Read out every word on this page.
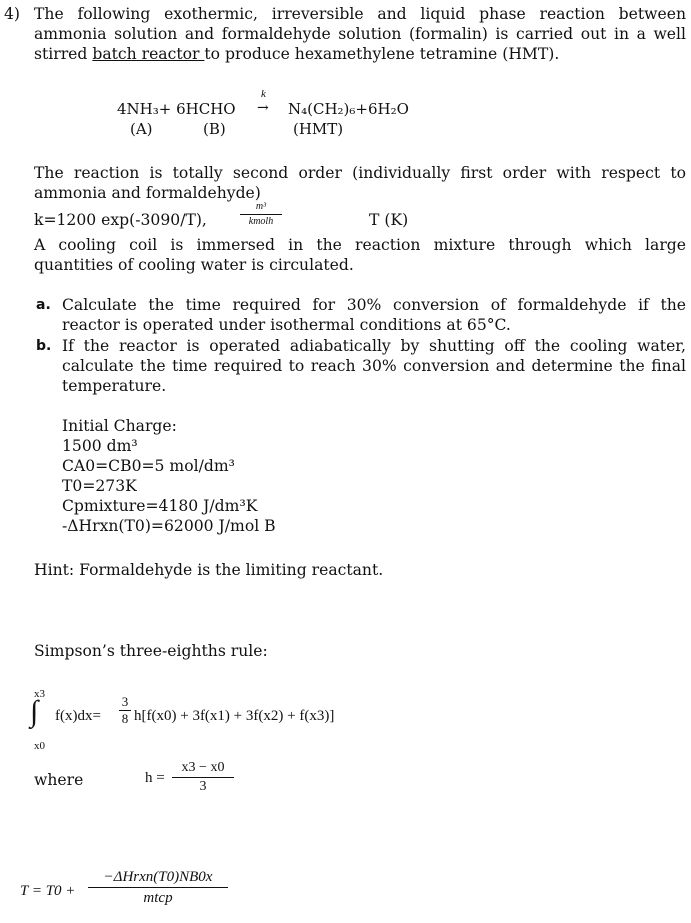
4) The following exothermic, irreversible and liquid phase reaction between
ammonia solution and formaldehyde solution (formalin) is carried out in a well
stirred batch reactor to produce hexamethylene tetramine (HMT).
4NH₃+ 6HCHO
k
→ N₄(CH₂)₆+6H₂O
(A)	(B)	(HMT)
The reaction is totally second order (individually first order with respect to
ammonia and formaldehyde)
k=1200 exp(-3090/T),
m³
kmolh	T (K)
A cooling coil is immersed in the reaction mixture through which large
quantities of cooling water is circulated.
a. Calculate the time required for 30% conversion of formaldehyde if the
reactor is operated under isothermal conditions at 65°C.
b. If the reactor is operated adiabatically by shutting off the cooling water,
calculate the time required to reach 30% conversion and determine the final
temperature.
Initial Charge:
1500 dm³
CA0=CB0=5 mol/dm³
T0=273K
Cpmixture=4180 J/dm³K
-ΔHrxn(T0)=62000 J/mol B
Hint: Formaldehyde is the limiting reactant.
Simpson’s three-eighths rule:
x3
∫
x0
f(x)dx=
3
8 h[f(x0) + 3f(x1) + 3f(x2) + f(x3)]
where	h =
x3 − x0
3
T = T0 +
−ΔHrxn(T0)NB0x
mtcp
